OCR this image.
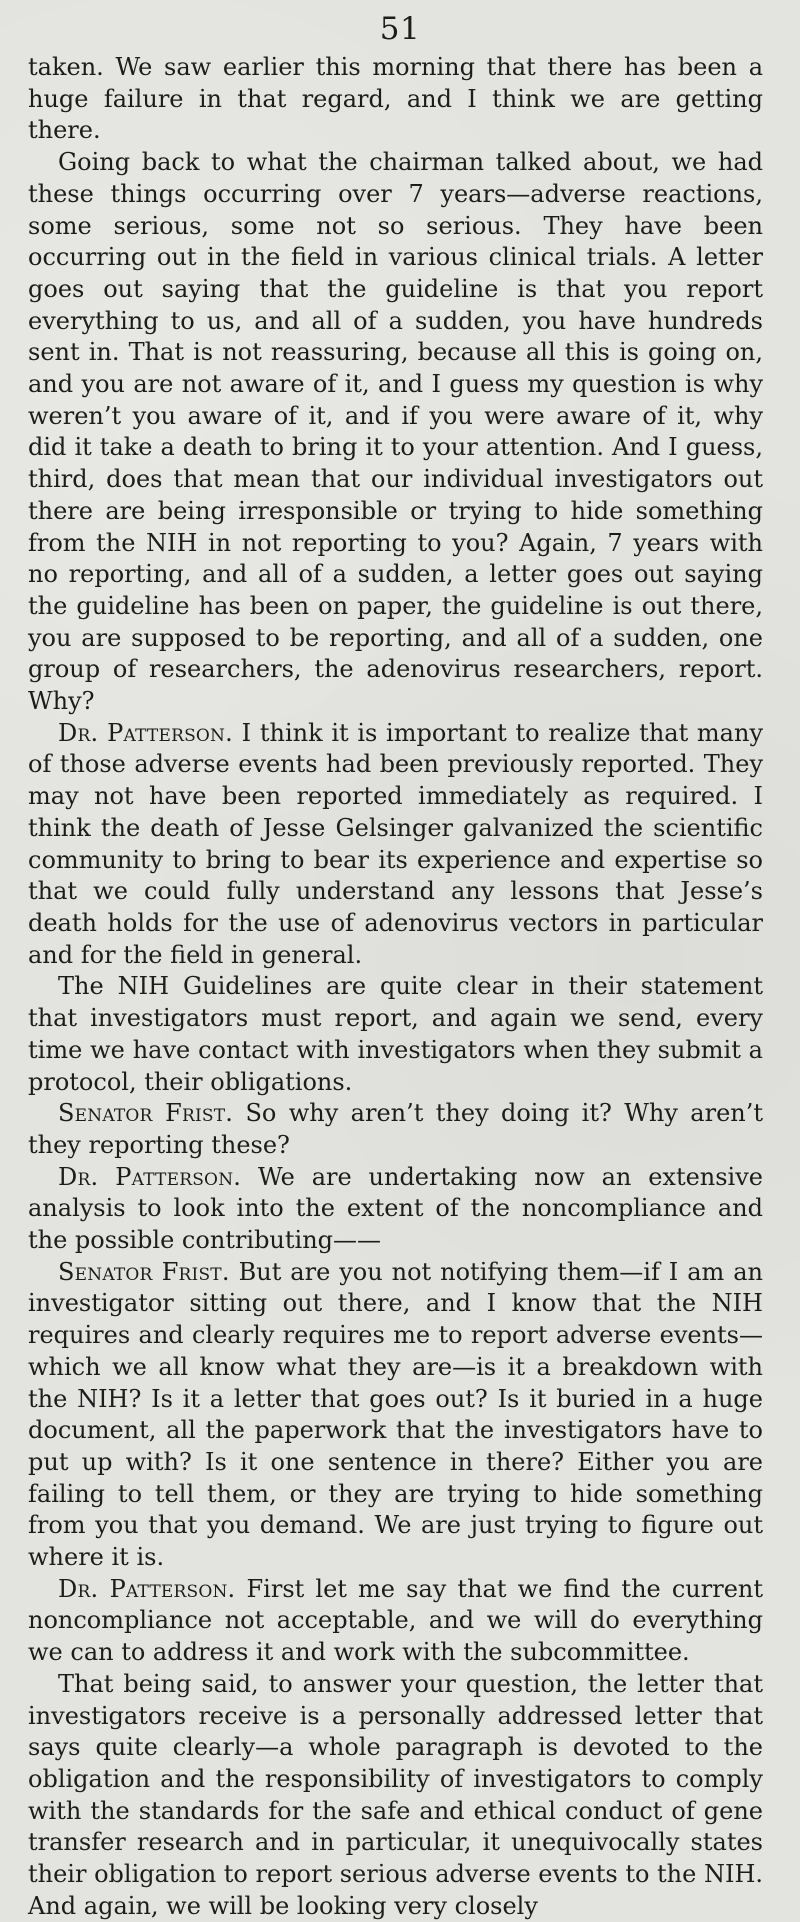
51

taken. We saw earlier this morning that there has been a huge failure in that regard, and I think we are getting there.

Going back to what the chairman talked about, we had these things occurring over 7 years—adverse reactions, some serious, some not so serious. They have been occurring out in the field in various clinical trials. A letter goes out saying that the guideline is that you report everything to us, and all of a sudden, you have hundreds sent in. That is not reassuring, because all this is going on, and you are not aware of it, and I guess my question is why weren’t you aware of it, and if you were aware of it, why did it take a death to bring it to your attention. And I guess, third, does that mean that our individual investigators out there are being irresponsible or trying to hide something from the NIH in not reporting to you? Again, 7 years with no reporting, and all of a sudden, a letter goes out saying the guideline has been on paper, the guideline is out there, you are supposed to be reporting, and all of a sudden, one group of researchers, the adenovirus researchers, report. Why?

Dr. Patterson. I think it is important to realize that many of those adverse events had been previously reported. They may not have been reported immediately as required. I think the death of Jesse Gelsinger galvanized the scientific community to bring to bear its experience and expertise so that we could fully understand any lessons that Jesse’s death holds for the use of adenovirus vectors in particular and for the field in general.

The NIH Guidelines are quite clear in their statement that investigators must report, and again we send, every time we have contact with investigators when they submit a protocol, their obligations.

Senator Frist. So why aren’t they doing it? Why aren’t they reporting these?

Dr. Patterson. We are undertaking now an extensive analysis to look into the extent of the noncompliance and the possible contributing——

Senator Frist. But are you not notifying them—if I am an investigator sitting out there, and I know that the NIH requires and clearly requires me to report adverse events—which we all know what they are—is it a breakdown with the NIH? Is it a letter that goes out? Is it buried in a huge document, all the paperwork that the investigators have to put up with? Is it one sentence in there? Either you are failing to tell them, or they are trying to hide something from you that you demand. We are just trying to figure out where it is.

Dr. Patterson. First let me say that we find the current noncompliance not acceptable, and we will do everything we can to address it and work with the subcommittee.

That being said, to answer your question, the letter that investigators receive is a personally addressed letter that says quite clearly—a whole paragraph is devoted to the obligation and the responsibility of investigators to comply with the standards for the safe and ethical conduct of gene transfer research and in particular, it unequivocally states their obligation to report serious adverse events to the NIH. And again, we will be looking very closely
